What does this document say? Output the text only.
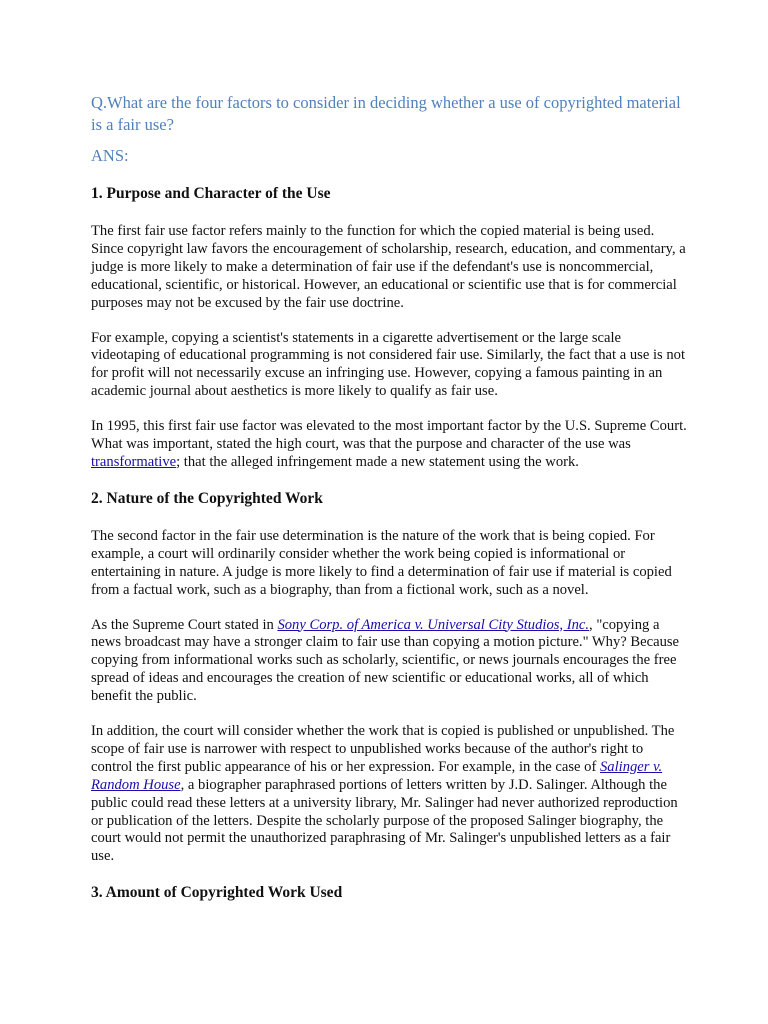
Q.What are the four factors to consider in deciding whether a use of copyrighted material is a fair use?

ANS:

1. Purpose and Character of the Use

The first fair use factor refers mainly to the function for which the copied material is being used. Since copyright law favors the encouragement of scholarship, research, education, and commentary, a judge is more likely to make a determination of fair use if the defendant's use is noncommercial, educational, scientific, or historical. However, an educational or scientific use that is for commercial purposes may not be excused by the fair use doctrine.

For example, copying a scientist's statements in a cigarette advertisement or the large scale videotaping of educational programming is not considered fair use. Similarly, the fact that a use is not for profit will not necessarily excuse an infringing use. However, copying a famous painting in an academic journal about aesthetics is more likely to qualify as fair use.

In 1995, this first fair use factor was elevated to the most important factor by the U.S. Supreme Court. What was important, stated the high court, was that the purpose and character of the use was transformative; that the alleged infringement made a new statement using the work.

2. Nature of the Copyrighted Work

The second factor in the fair use determination is the nature of the work that is being copied. For example, a court will ordinarily consider whether the work being copied is informational or entertaining in nature. A judge is more likely to find a determination of fair use if material is copied from a factual work, such as a biography, than from a fictional work, such as a novel.

As the Supreme Court stated in Sony Corp. of America v. Universal City Studios, Inc., "copying a news broadcast may have a stronger claim to fair use than copying a motion picture." Why? Because copying from informational works such as scholarly, scientific, or news journals encourages the free spread of ideas and encourages the creation of new scientific or educational works, all of which benefit the public.

In addition, the court will consider whether the work that is copied is published or unpublished. The scope of fair use is narrower with respect to unpublished works because of the author's right to control the first public appearance of his or her expression. For example, in the case of Salinger v. Random House, a biographer paraphrased portions of letters written by J.D. Salinger. Although the public could read these letters at a university library, Mr. Salinger had never authorized reproduction or publication of the letters. Despite the scholarly purpose of the proposed Salinger biography, the court would not permit the unauthorized paraphrasing of Mr. Salinger's unpublished letters as a fair use.

3. Amount of Copyrighted Work Used
